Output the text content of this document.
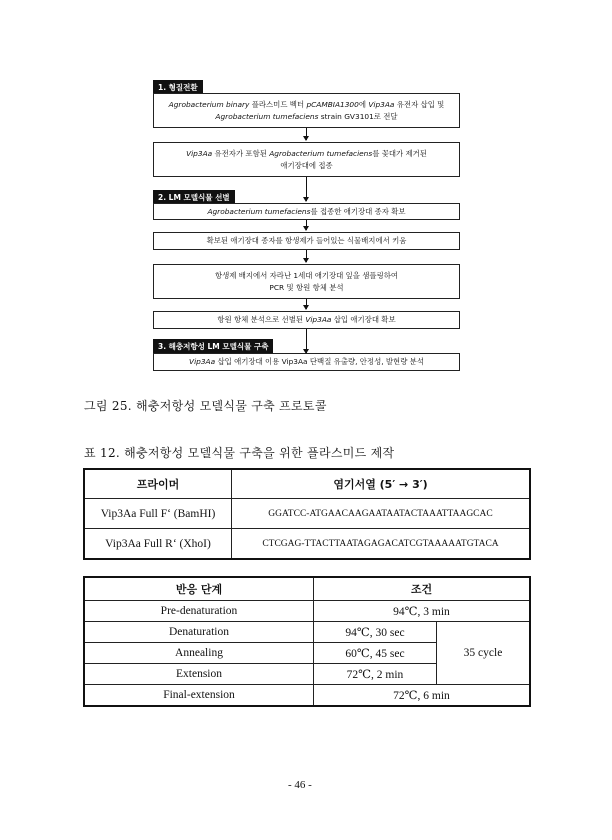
1. 형질전환
Agrobacterium binary 플라스미드 벡터 pCAMBIA1300에 Vip3Aa 유전자 삽입 및
Agrobacterium tumefaciens strain GV3101로 전달
Vip3Aa 유전자가 포함된 Agrobacterium tumefaciens를 꽃대가 제거된
애기장대에 접종
2. LM 모델식물 선별
Agrobacterium tumefaciens를 접종한 애기장대 종자 확보
확보된 애기장대 종자를 항생제가 들어있는 식물배지에서 키움
항생제 배지에서 자라난 1세대 애기장대 잎을 샘플링하여
PCR 및 항원 항체 분석
항원 항체 분석으로 선별된 Vip3Aa 삽입 애기장대 확보
3. 해충저항성 LM 모델식물 구축
Vip3Aa 삽입 애기장대 이용 Vip3Aa 단백질 유출량, 안정성, 발현량 분석
그림 25. 해충저항성 모델식물 구축 프로토콜
표 12. 해충저항성 모델식물 구축을 위한 플라스미드 제작
프라이머	염기서열 (5′ → 3′)
Vip3Aa Full F‘ (BamHI)	GGATCC-ATGAACAAGAATAATACTAAATTAAGCAC
Vip3Aa Full R‘ (XhoI)	CTCGAG-TTACTTAATAGAGACATCGTAAAAATGTACA
반응 단계	조건	
Pre-denaturation	94℃, 3 min	
Denaturation	94℃, 30 sec	35 cycle
Annealing	60℃, 45 sec	
Extension	72℃, 2 min	
Final-extension	72℃, 6 min	
- 46 -
